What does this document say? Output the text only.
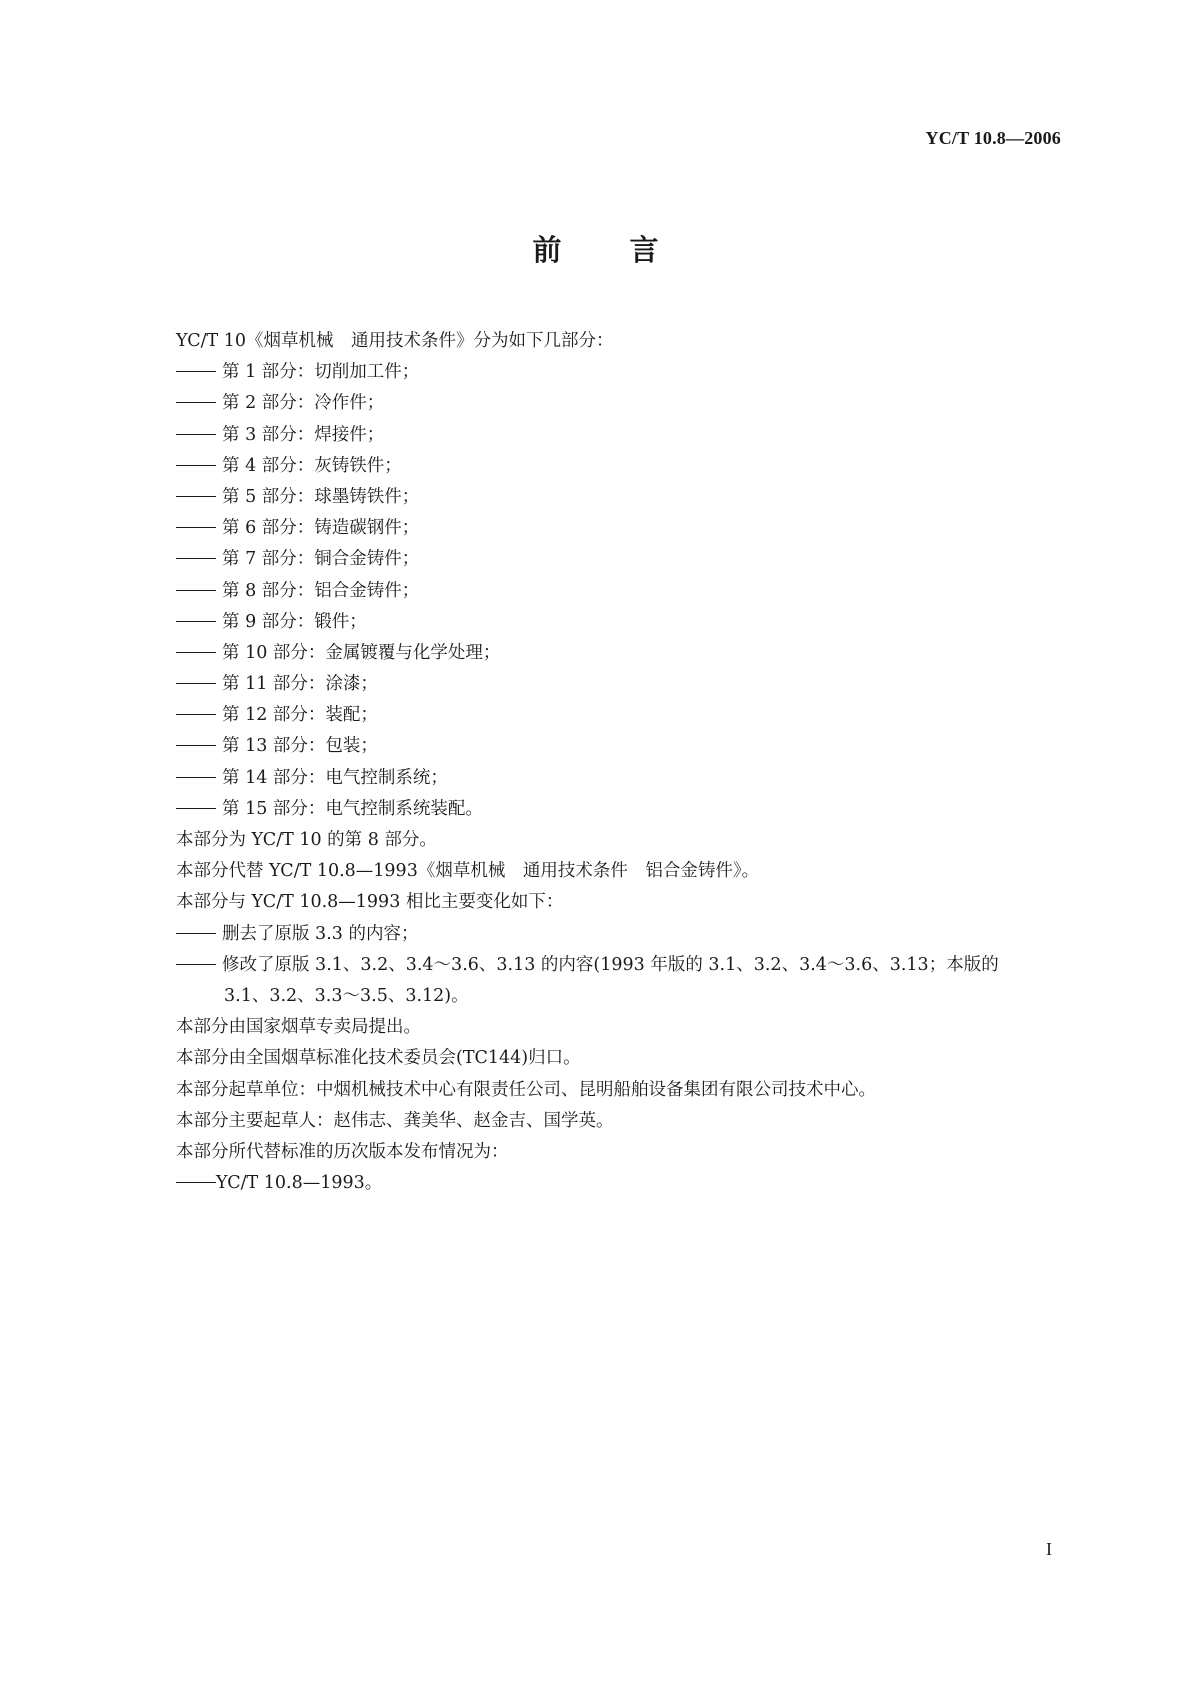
YC/T 10.8—2006
前 言
YC/T 10《烟草机械　通用技术条件》分为如下几部分：
第 1 部分：切削加工件；
第 2 部分：冷作件；
第 3 部分：焊接件；
第 4 部分：灰铸铁件；
第 5 部分：球墨铸铁件；
第 6 部分：铸造碳钢件；
第 7 部分：铜合金铸件；
第 8 部分：铝合金铸件；
第 9 部分：锻件；
第 10 部分：金属镀覆与化学处理；
第 11 部分：涂漆；
第 12 部分：装配；
第 13 部分：包装；
第 14 部分：电气控制系统；
第 15 部分：电气控制系统装配。
本部分为 YC/T 10 的第 8 部分。
本部分代替 YC/T 10.8—1993《烟草机械　通用技术条件　铝合金铸件》。
本部分与 YC/T 10.8—1993 相比主要变化如下：
删去了原版 3.3 的内容；
修改了原版 3.1、3.2、3.4～3.6、3.13 的内容(1993 年版的 3.1、3.2、3.4～3.6、3.13；本版的
3.1、3.2、3.3～3.5、3.12)。
本部分由国家烟草专卖局提出。
本部分由全国烟草标准化技术委员会(TC144)归口。
本部分起草单位：中烟机械技术中心有限责任公司、昆明船舶设备集团有限公司技术中心。
本部分主要起草人：赵伟志、龚美华、赵金吉、国学英。
本部分所代替标准的历次版本发布情况为：
YC/T 10.8—1993。
I
